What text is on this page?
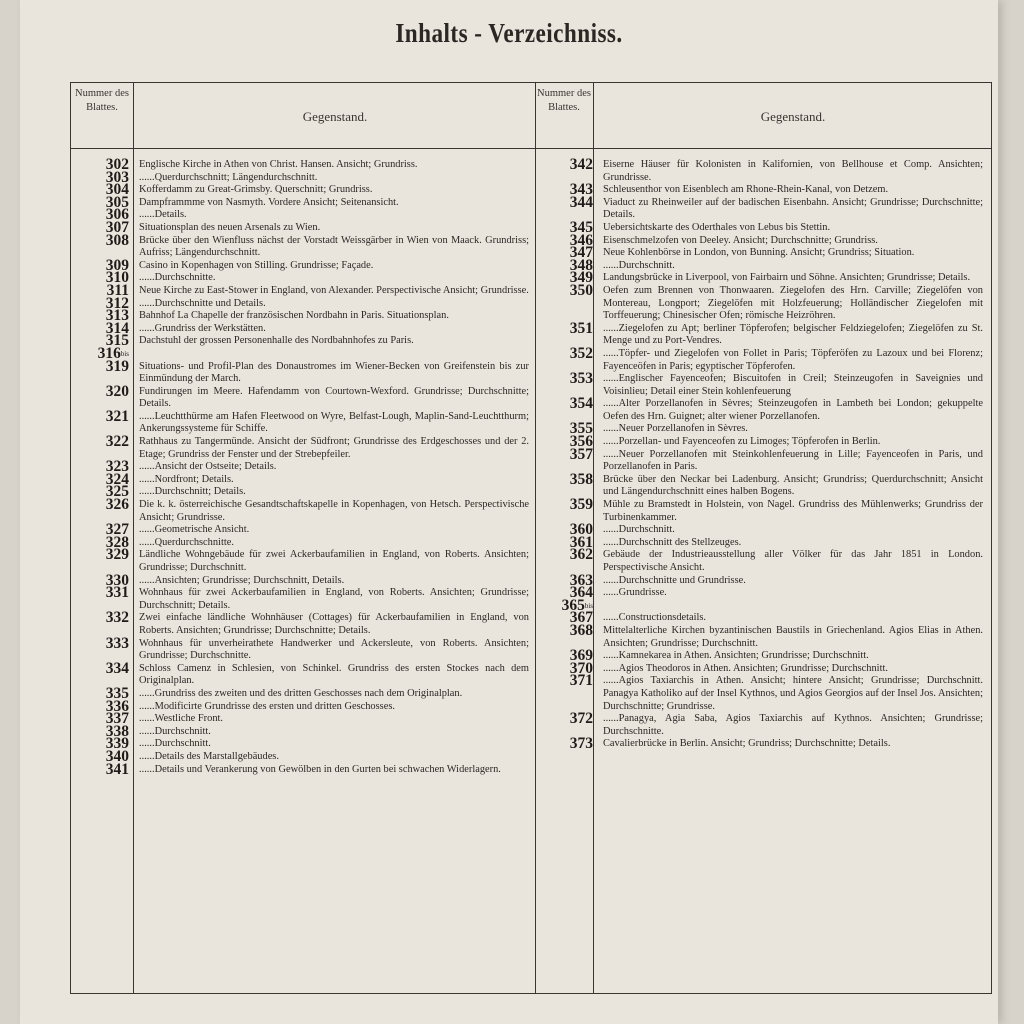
Inhalts - Verzeichniss.
Nummer des Blattes.
Gegenstand.
Nummer des Blattes.
Gegenstand.
302 Englische Kirche in Athen von Christ. Hansen. Ansicht; Grundriss.
303 ......Querdurchschnitt; Längendurchschnitt.
304 Kofferdamm zu Great-Grimsby. Querschnitt; Grundriss.
305 Dampframmme von Nasmyth. Vordere Ansicht; Seitenansicht.
306 ......Details.
307 Situationsplan des neuen Arsenals zu Wien.
308 Brücke über den Wienfluss nächst der Vorstadt Weissgärber in Wien von Maack. Grundriss; Aufriss; Längendurchschnitt.
309 Casino in Kopenhagen von Stilling. Grundrisse; Façade.
310 ......Durchschnitte.
311 Neue Kirche zu East-Stower in England, von Alexander. Perspectivische Ansicht; Grundrisse.
312 ......Durchschnitte und Details.
313 Bahnhof La Chapelle der französischen Nordbahn in Paris. Situationsplan.
314 ......Grundriss der Werkstätten.
315 Dachstuhl der grossen Personenhalle des Nordbahnhofes zu Paris.
$316^{bis}$
319 Situations- und Profil-Plan des Donaustromes im Wiener-Becken von Greifenstein bis zur Einmündung der March.
320 Fundirungen im Meere. Hafendamm von Courtown-Wexford. Grundrisse; Durchschnitte; Details.
321 ......Leuchtthürme am Hafen Fleetwood on Wyre, Belfast-Lough, Maplin-Sand-Leuchtthurm; Ankerungssysteme für Schiffe.
322 Rathhaus zu Tangermünde. Ansicht der Südfront; Grundrisse des Erdgeschosses und der 2. Etage; Grundriss der Fenster und der Strebepfeiler.
323 ......Ansicht der Ostseite; Details.
324 ......Nordfront; Details.
325 ......Durchschnitt; Details.
326 Die k. k. österreichische Gesandtschaftskapelle in Kopenhagen, von Hetsch. Perspectivische Ansicht; Grundrisse.
327 ......Geometrische Ansicht.
328 ......Querdurchschnitte.
329 Ländliche Wohngebäude für zwei Ackerbaufamilien in England, von Roberts. Ansichten; Grundrisse; Durchschnitt.
330 ......Ansichten; Grundrisse; Durchschnitt, Details.
331 Wohnhaus für zwei Ackerbaufamilien in England, von Roberts. Ansichten; Grundrisse; Durchschnitt; Details.
332 Zwei einfache ländliche Wohnhäuser (Cottages) für Ackerbaufamilien in England, von Roberts. Ansichten; Grundrisse; Durchschnitte; Details.
333 Wohnhaus für unverheirathete Handwerker und Ackersleute, von Roberts. Ansichten; Grundrisse; Durchschnitte.
334 Schloss Camenz in Schlesien, von Schinkel. Grundriss des ersten Stockes nach dem Originalplan.
335 ......Grundriss des zweiten und des dritten Geschosses nach dem Originalplan.
336 ......Modificirte Grundrisse des ersten und dritten Geschosses.
337 ......Westliche Front.
338 ......Durchschnitt.
339 ......Durchschnitt.
340 ......Details des Marstallgebäudes.
341 ......Details und Verankerung von Gewölben in den Gurten bei schwachen Widerlagern.
342 Eiserne Häuser für Kolonisten in Kalifornien, von Bellhouse et Comp. Ansichten; Grundrisse.
343 Schleusenthor von Eisenblech am Rhone-Rhein-Kanal, von Detzem.
344 Viaduct zu Rheinweiler auf der badischen Eisenbahn. Ansicht; Grundrisse; Durchschnitte; Details.
345 Uebersichtskarte des Oderthales von Lebus bis Stettin.
346 Eisenschmelzofen von Deeley. Ansicht; Durchschnitte; Grundriss.
347 Neue Kohlenbörse in London, von Bunning. Ansicht; Grundriss; Situation.
348 ......Durchschnitt.
349 Landungsbrücke in Liverpool, von Fairbairn und Söhne. Ansichten; Grundrisse; Details.
350 Oefen zum Brennen von Thonwaaren. Ziegelofen des Hrn. Carville; Ziegelöfen von Montereau, Longport; Ziegelöfen mit Holzfeuerung; Holländischer Ziegelofen mit Torffeuerung; Chinesischer Ofen; römische Heizröhren.
351 ......Ziegelofen zu Apt; berliner Töpferofen; belgischer Feldziegelofen; Ziegelöfen zu St. Menge und zu Port-Vendres.
352 ......Töpfer- und Ziegelofen von Follet in Paris; Töpferöfen zu Lazoux und bei Florenz; Fayenceöfen in Paris; egyptischer Töpferofen.
353 ......Englischer Fayenceofen; Biscuitofen in Creil; Steinzeugofen in Saveignies und Voisinlieu; Detail einer Stein kohlenfeuerung
354 ......Alter Porzellanofen in Sèvres; Steinzeugofen in Lambeth bei London; gekuppelte Oefen des Hrn. Guignet; alter wiener Porzellanofen.
355 ......Neuer Porzellanofen in Sèvres.
356 ......Porzellan- und Fayenceofen zu Limoges; Töpferofen in Berlin.
357 ......Neuer Porzellanofen mit Steinkohlenfeuerung in Lille; Fayenceofen in Paris, und Porzellanofen in Paris.
358 Brücke über den Neckar bei Ladenburg. Ansicht; Grundriss; Querdurchschnitt; Ansicht und Längendurchschnitt eines halben Bogens.
359 Mühle zu Bramstedt in Holstein, von Nagel. Grundriss des Mühlenwerks; Grundriss der Turbinenkammer.
360 ......Durchschnitt.
361 ......Durchschnitt des Stellzeuges.
362 Gebäude der Industrieausstellung aller Völker für das Jahr 1851 in London. Perspectivische Ansicht.
363 ......Durchschnitte und Grundrisse.
364 ......Grundrisse.
$365^{bis}$
367 ......Constructionsdetails.
368 Mittelalterliche Kirchen byzantinischen Baustils in Griechenland. Agios Elias in Athen. Ansichten; Grundrisse; Durchschnitt.
369 ......Kamnekarea in Athen. Ansichten; Grundrisse; Durchschnitt.
370 ......Agios Theodoros in Athen. Ansichten; Grundrisse; Durchschnitt.
371 ......Agios Taxiarchis in Athen. Ansicht; hintere Ansicht; Grundrisse; Durchschnitt. Panagya Katholiko auf der Insel Kythnos, und Agios Georgios auf der Insel Jos. Ansichten; Durchschnitte; Grundrisse.
372 ......Panagya, Agia Saba, Agios Taxiarchis auf Kythnos. Ansichten; Grundrisse; Durchschnitte.
373 Cavalierbrücke in Berlin. Ansicht; Grundriss; Durchschnitte; Details.
